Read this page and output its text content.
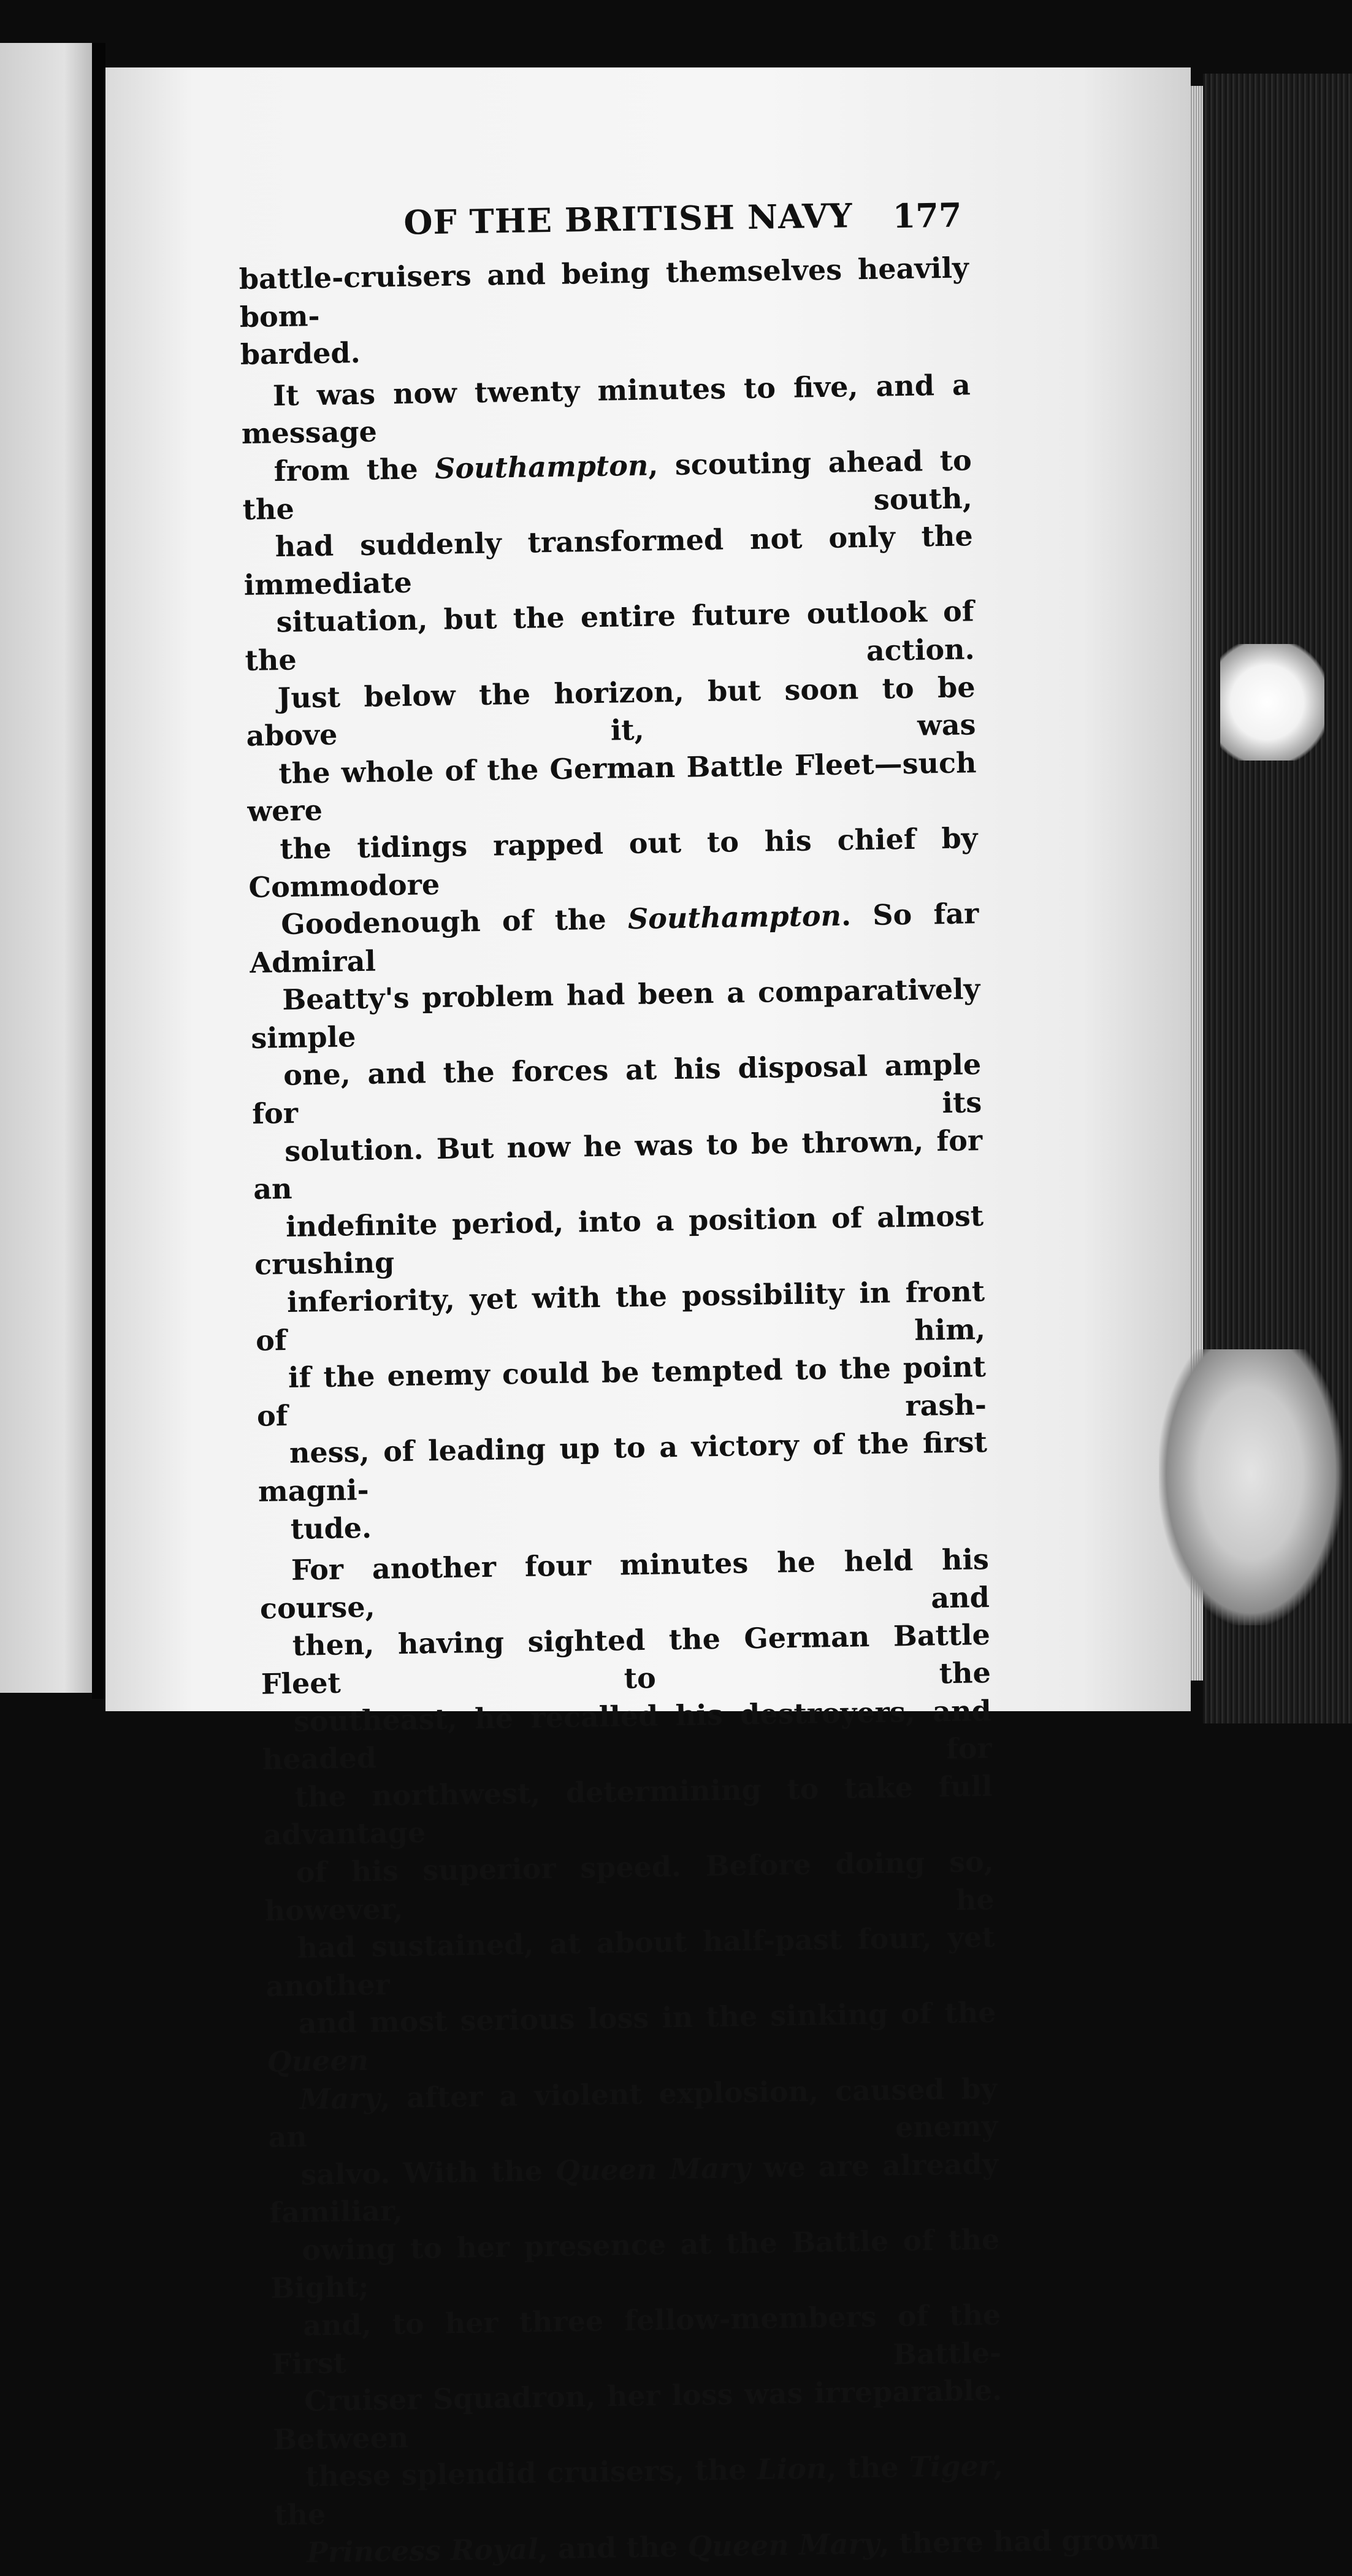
OF THE BRITISH NAVY 177

battle-cruisers and being themselves heavily bom-
barded.

It was now twenty minutes to five, and a message
from the Southampton, scouting ahead to the south,
had suddenly transformed not only the immediate
situation, but the entire future outlook of the action.
Just below the horizon, but soon to be above it, was
the whole of the German Battle Fleet—such were
the tidings rapped out to his chief by Commodore
Goodenough of the Southampton. So far Admiral
Beatty's problem had been a comparatively simple
one, and the forces at his disposal ample for its
solution. But now he was to be thrown, for an
indefinite period, into a position of almost crushing
inferiority, yet with the possibility in front of him,
if the enemy could be tempted to the point of rash-
ness, of leading up to a victory of the first magni-
tude.

For another four minutes he held his course, and
then, having sighted the German Battle Fleet to the
southeast, he recalled his destroyers, and headed for
the northwest, determining to take full advantage
of his superior speed. Before doing so, however, he
had sustained, at about half-past four, yet another
and most serious loss in the sinking of the Queen
Mary, after a violent explosion, caused by an enemy
salvo. With the Queen Mary we are already familiar,
owing to her presence at the Battle of the Bight;
and, to her three fellow-members of the First Battle-
Cruiser Squadron, her loss was irreparable. Between
these splendid cruisers, the Lion, the Tiger, the
Princess Royal, and the Queen Mary, there had grown
